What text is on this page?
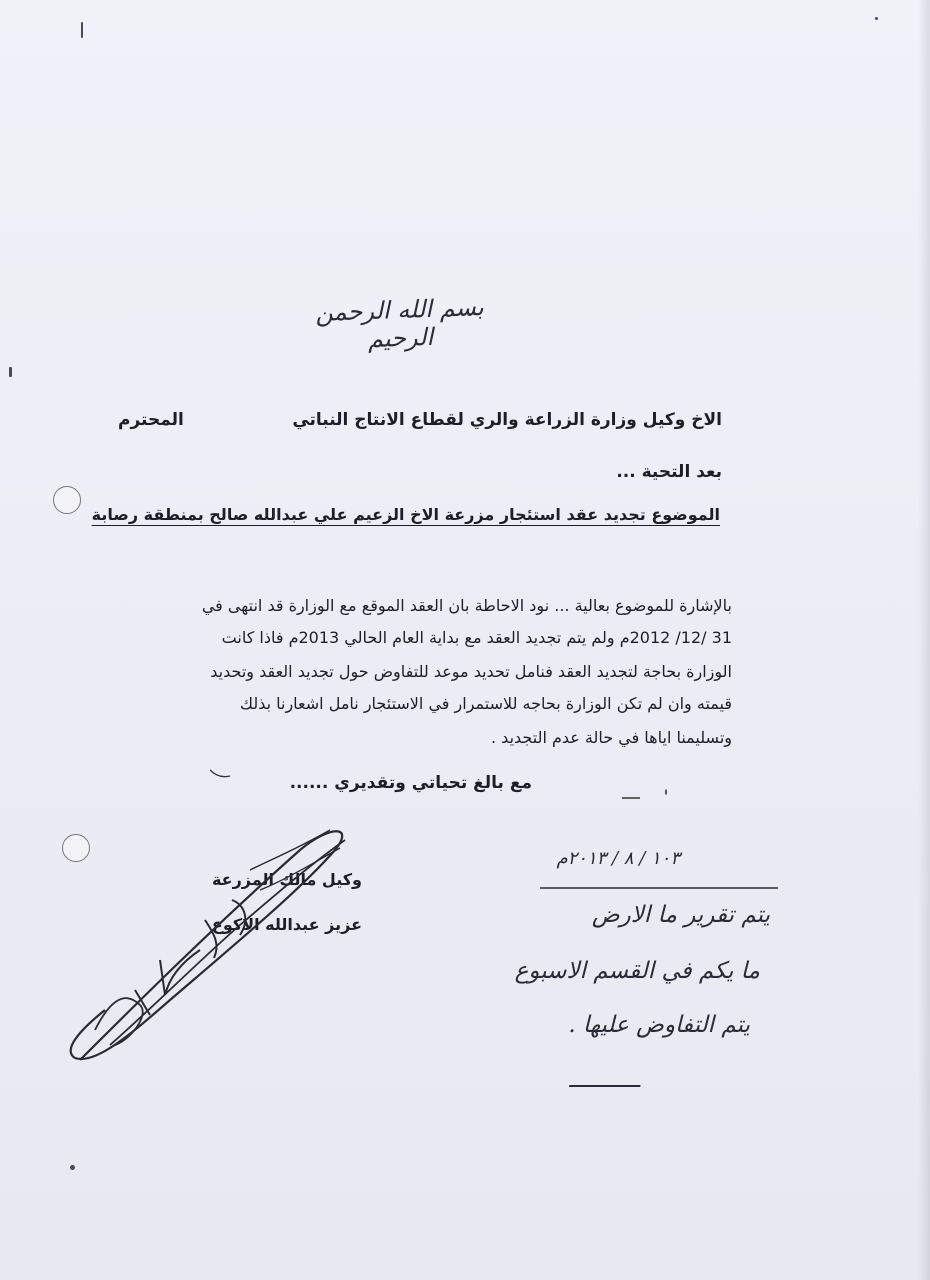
بسم الله الرحمن الرحيم
الاخ وكيل وزارة الزراعة والري لقطاع الانتاج النباتي
المحترم
بعد التحية ...
الموضوع تجديد عقد استئجار مزرعة الاخ الزعيم علي عبدالله صالح بمنطقة رصابة
بالإشارة للموضوع بعالية ... نود الاحاطة بان العقد الموقع مع الوزارة قد انتهى في
31 /12/ 2012م ولم يتم تجديد العقد مع بداية العام الحالي 2013م فاذا كانت
الوزارة بحاجة لتجديد العقد فنامل تحديد موعد للتفاوض حول تجديد العقد وتحديد
قيمته وان لم تكن الوزارة بحاجه للاستمرار في الاستئجار نامل اشعارنا بذلك
وتسليمنا اياها في حالة عدم التجديد .
مع بالغ تحياتي وتقديري ......
وكيل مالك المزرعة
عزيز عبدالله الاكوع
١٠٣ / ٨ / ٢٠١٣م
يتم تقرير ما الارض
ما يكم في القسم الاسبوع
يتم التفاوض عليها .
ـــــــــــ
